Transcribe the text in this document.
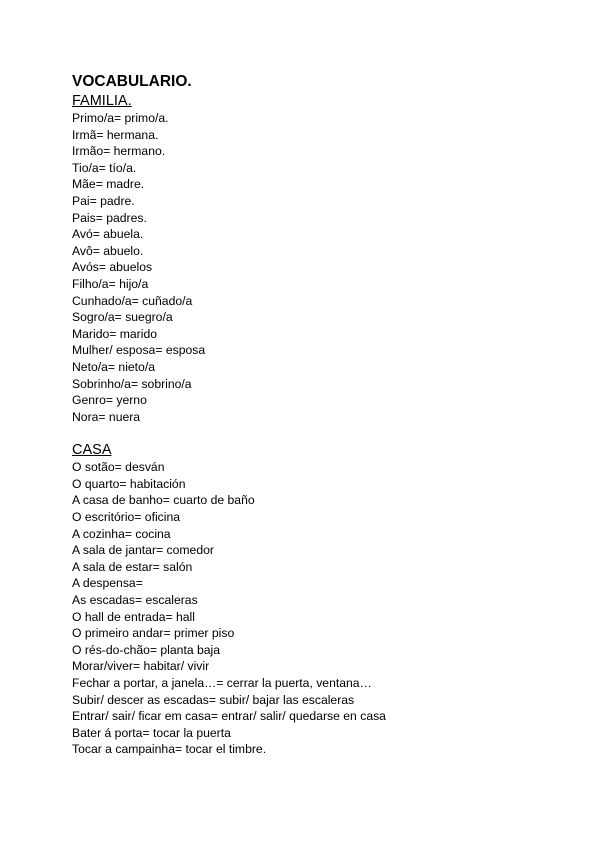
VOCABULARIO.
FAMILIA.
Primo/a= primo/a.
Irmã= hermana.
Irmão= hermano.
Tio/a= tío/a.
Mãe= madre.
Pai= padre.
Pais= padres.
Avó= abuela.
Avô= abuelo.
Avós= abuelos
Filho/a= hijo/a
Cunhado/a= cuñado/a
Sogro/a= suegro/a
Marido= marido
Mulher/ esposa= esposa
Neto/a= nieto/a
Sobrinho/a= sobrino/a
Genro= yerno
Nora= nuera
CASA
O sotão= desván
O quarto= habitación
A casa de banho= cuarto de baño
O escritório= oficina
A cozinha= cocina
A sala de jantar= comedor
A sala de estar= salón
A despensa=
As escadas= escaleras
O hall de entrada= hall
O primeiro andar= primer piso
O rés-do-chão= planta baja
Morar/viver= habitar/ vivir
Fechar a portar, a janela…= cerrar la puerta, ventana…
Subir/ descer as escadas= subir/ bajar las escaleras
Entrar/ sair/ ficar em casa= entrar/ salir/ quedarse en casa
Bater á porta= tocar la puerta
Tocar a campainha= tocar el timbre.
